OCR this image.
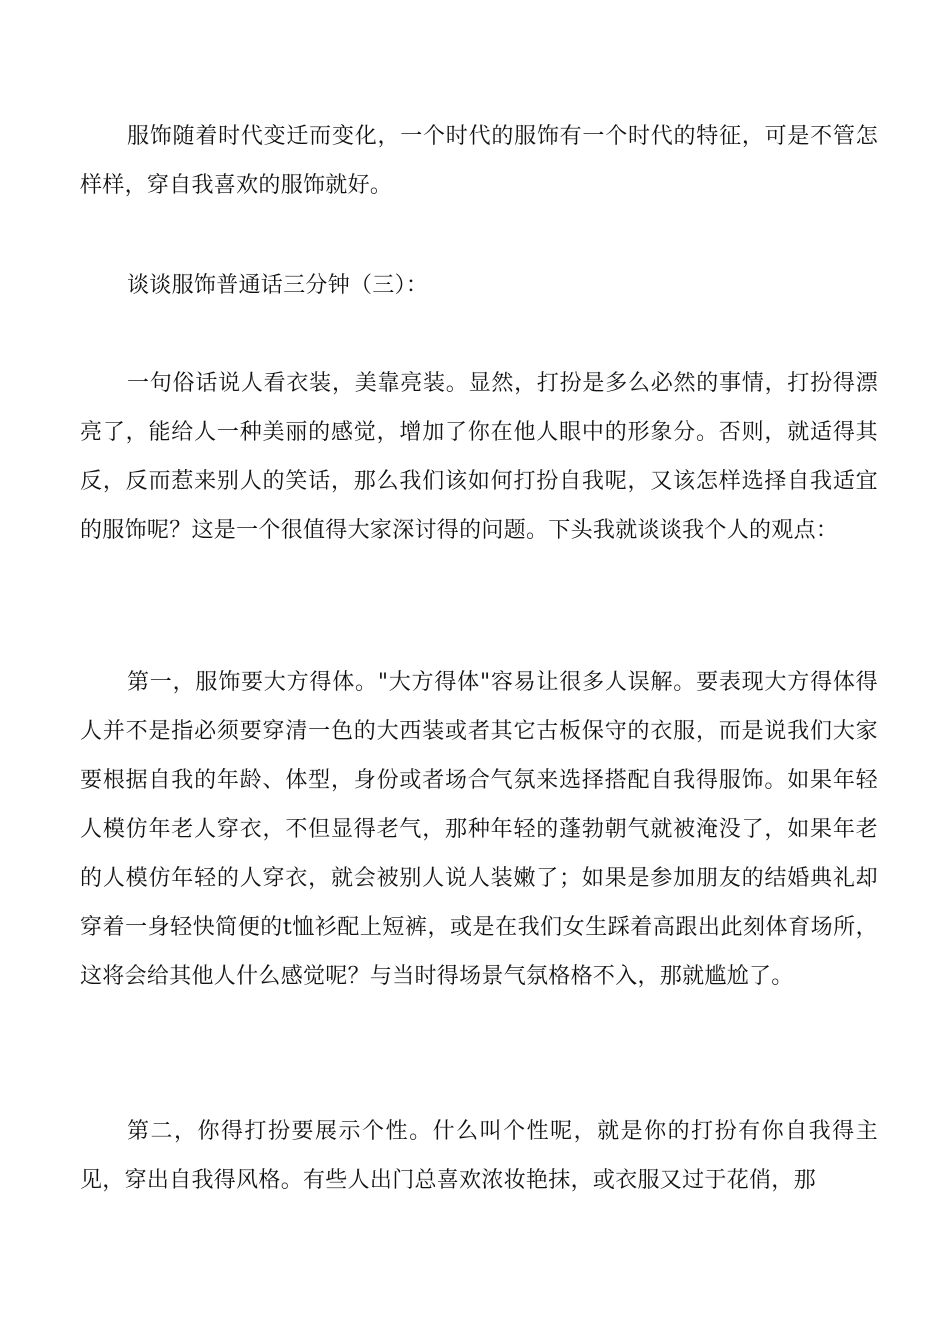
服饰随着时代变迁而变化，一个时代的服饰有一个时代的特征，可是不管怎样样，穿自我喜欢的服饰就好。

谈谈服饰普通话三分钟（三）：

一句俗话说人看衣装，美靠亮装。显然，打扮是多么必然的事情，打扮得漂亮了，能给人一种美丽的感觉，增加了你在他人眼中的形象分。否则，就适得其反，反而惹来别人的笑话，那么我们该如何打扮自我呢，又该怎样选择自我适宜的服饰呢？这是一个很值得大家深讨得的问题。下头我就谈谈我个人的观点：

第一，服饰要大方得体。"大方得体"容易让很多人误解。要表现大方得体得人并不是指必须要穿清一色的大西装或者其它古板保守的衣服，而是说我们大家要根据自我的年龄、体型，身份或者场合气氛来选择搭配自我得服饰。如果年轻人模仿年老人穿衣，不但显得老气，那种年轻的蓬勃朝气就被淹没了，如果年老的人模仿年轻的人穿衣，就会被别人说人装嫩了；如果是参加朋友的结婚典礼却穿着一身轻快简便的t恤衫配上短裤，或是在我们女生踩着高跟出此刻体育场所，这将会给其他人什么感觉呢？与当时得场景气氛格格不入，那就尴尬了。

第二，你得打扮要展示个性。什么叫个性呢，就是你的打扮有你自我得主见，穿出自我得风格。有些人出门总喜欢浓妆艳抹，或衣服又过于花俏，那
